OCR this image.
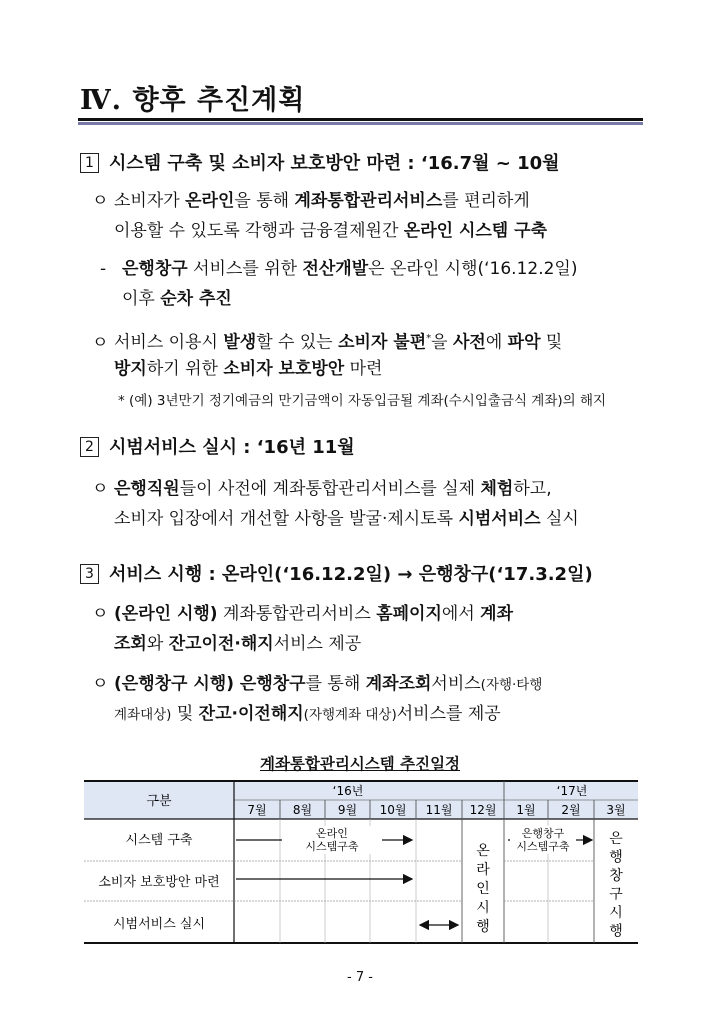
Ⅳ. 향후 추진계획
1 시스템 구축 및 소비자 보호방안 마련 : ‘16.7월 ~ 10월
ㅇ 소비자가 온라인을 통해 계좌통합관리서비스를 편리하게
이용할 수 있도록 각행과 금융결제원간 온라인 시스템 구축
- 은행창구 서비스를 위한 전산개발은 온라인 시행(‘16.12.2일)
이후 순차 추진
ㅇ 서비스 이용시 발생할 수 있는 소비자 불편*을 사전에 파악 및
방지하기 위한 소비자 보호방안 마련
* (예) 3년만기 정기예금의 만기금액이 자동입금될 계좌(수시입출금식 계좌)의 해지
2 시범서비스 실시 : ‘16년 11월
ㅇ 은행직원들이 사전에 계좌통합관리서비스를 실제 체험하고,
소비자 입장에서 개선할 사항을 발굴·제시토록 시범서비스 실시
3 서비스 시행 : 온라인(‘16.12.2일) → 은행창구(‘17.3.2일)
ㅇ (온라인 시행) 계좌통합관리서비스 홈페이지에서 계좌
조회와 잔고이전·해지서비스 제공
ㅇ (은행창구 시행) 은행창구를 통해 계좌조회서비스(자행·타행
계좌대상) 및 잔고·이전해지(자행계좌 대상)서비스를 제공
계좌통합관리시스템 추진일정
구분
‘16년	‘17년
7월 8월 9월 10월 11월 12월 1월 2월 3월
시스템 구축
소비자 보호방안 마련
시범서비스 실시
온라인
시스템구축
은행창구
시스템구축
온
라
인
시
행
은
행
창
구
시
행
- 7 -
